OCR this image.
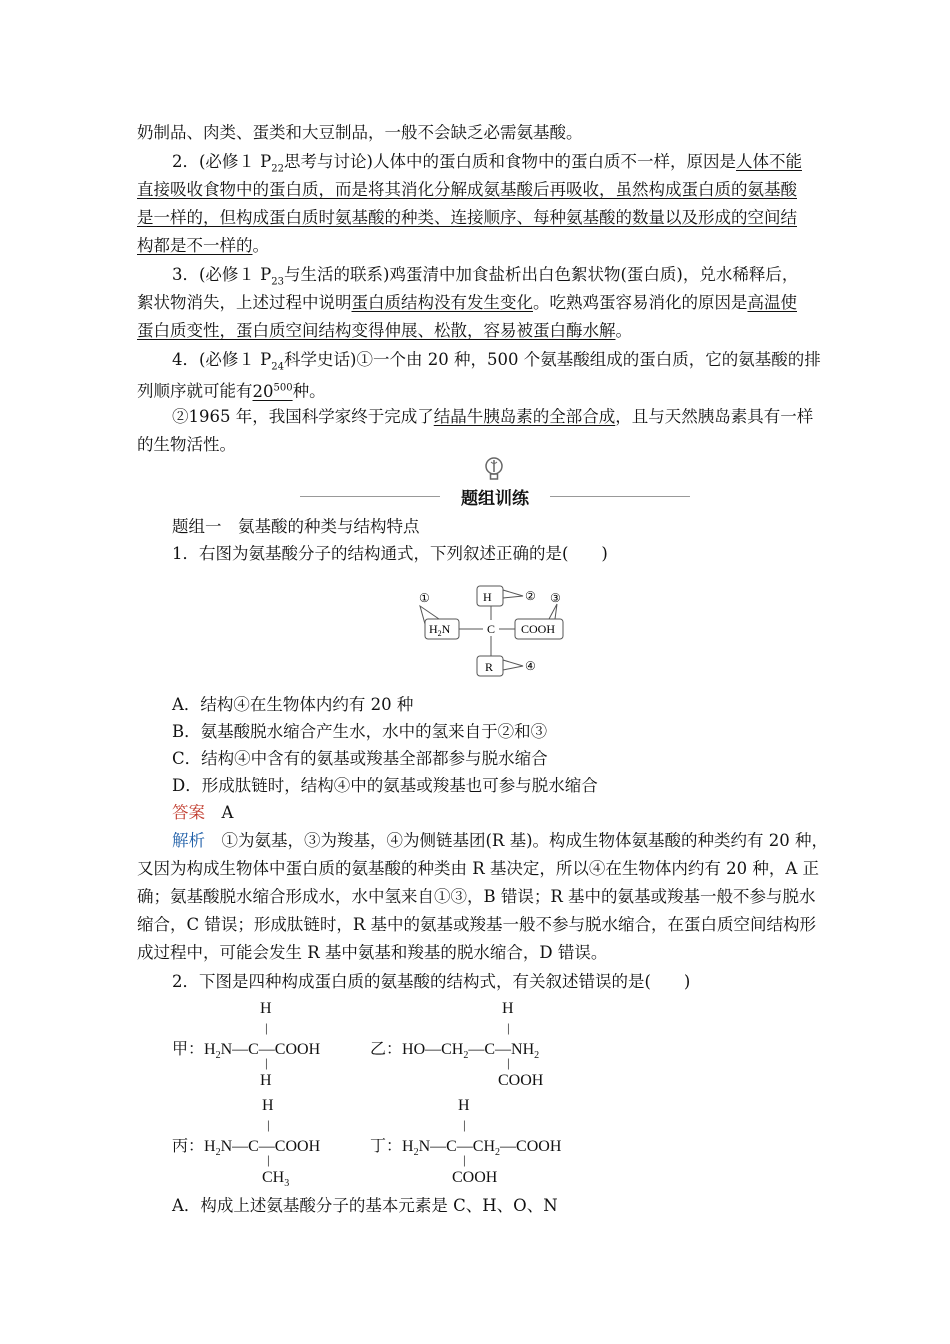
奶制品、肉类、蛋类和大豆制品，一般不会缺乏必需氨基酸。
2．(必修１ $P_{22}$思考与讨论)人体中的蛋白质和食物中的蛋白质不一样，原因是人体不能
直接吸收食物中的蛋白质，而是将其消化分解成氨基酸后再吸收，虽然构成蛋白质的氨基酸
是一样的，但构成蛋白质时氨基酸的种类、连接顺序、每种氨基酸的数量以及形成的空间结
构都是不一样的。
3．(必修１ $P_{23}$与生活的联系)鸡蛋清中加食盐析出白色絮状物(蛋白质)，兑水稀释后，
絮状物消失，上述过程中说明蛋白质结构没有发生变化。吃熟鸡蛋容易消化的原因是高温使
蛋白质变性，蛋白质空间结构变得伸展、松散，容易被蛋白酶水解。
4．(必修１ $P_{24}$科学史话)①一个由 20 种，500 个氨基酸组成的蛋白质，它的氨基酸的排
列顺序就可能有$20^{500}$种。
②1965 年，我国科学家终于完成了结晶牛胰岛素的全部合成，且与天然胰岛素具有一样
的生物活性。
题组训练
题组一　氨基酸的种类与结构特点
1．右图为氨基酸分子的结构通式，下列叙述正确的是(　　)
H
C
$H_2N$	COOH
R
①	② ③
④
A．结构④在生物体内约有 20 种
B．氨基酸脱水缩合产生水，水中的氢来自于②和③
C．结构④中含有的氨基或羧基全部都参与脱水缩合
D．形成肽链时，结构④中的氨基或羧基也可参与脱水缩合
答案　 A
解析　 ①为氨基，③为羧基，④为侧链基团(R 基)。构成生物体氨基酸的种类约有 20 种，
又因为构成生物体中蛋白质的氨基酸的种类由 R 基决定，所以④在生物体内约有 20 种，A 正
确；氨基酸脱水缩合形成水，水中氢来自①③，B 错误；R 基中的氨基或羧基一般不参与脱水
缩合，C 错误；形成肽链时，R 基中的氨基或羧基一般不参与脱水缩合，在蛋白质空间结构形
成过程中，可能会发生 R 基中氨基和羧基的脱水缩合，D 错误。
2．下图是四种构成蛋白质的氨基酸的结构式，有关叙述错误的是(　　)
H
|
甲：$H_2N—C—COOH$
|
H
H
|
乙：$HO—CH_2—C—NH_2$
|
COOH
H
|
丙：$H_2N—C—COOH$
|
$CH_3$
H
|
丁：$H_2N—C—CH_2—COOH$
|
COOH
A．构成上述氨基酸分子的基本元素是 C、H、O、N
